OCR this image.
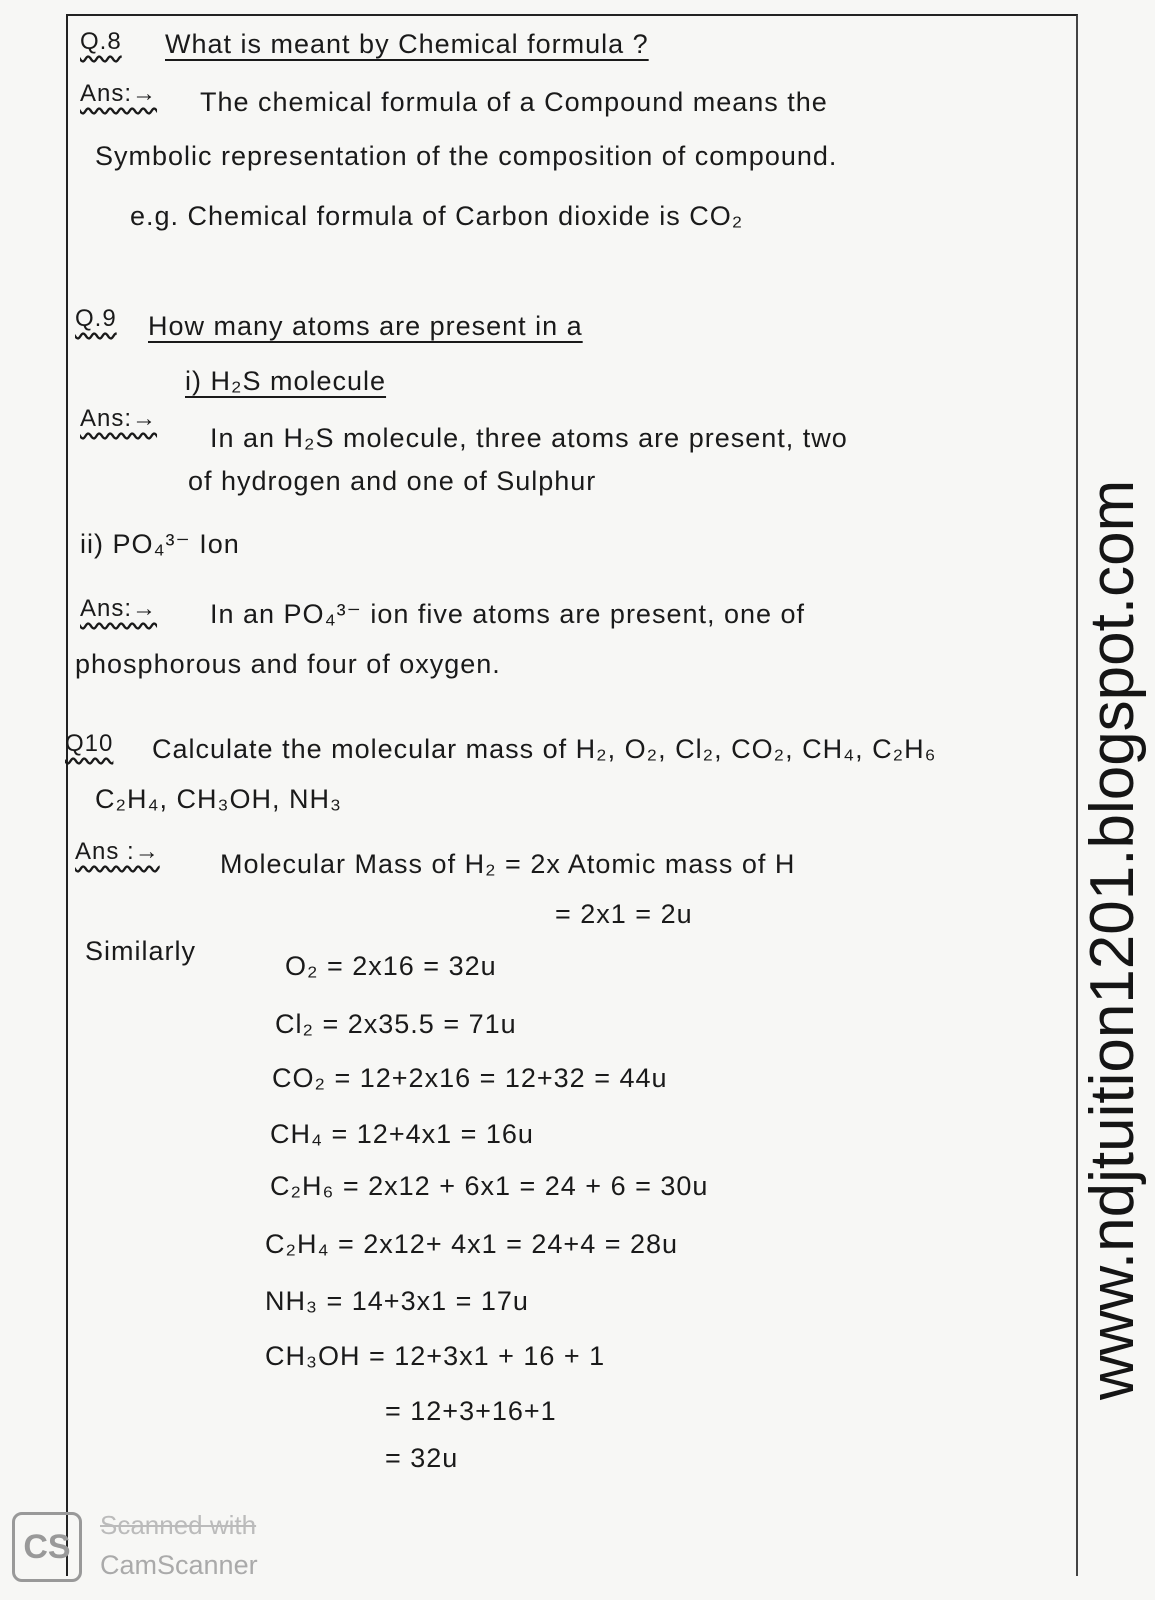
Q.8 What is meant by Chemical formula ?
Ans:→ The chemical formula of a Compound means the
Symbolic representation of the composition of compound.
e.g. Chemical formula of Carbon dioxide is CO₂
Q.9 How many atoms are present in a
i) H₂S molecule
Ans:→
In an H₂S molecule, three atoms are present, two
of hydrogen and one of Sulphur
ii) PO₄³⁻ Ion
Ans:→ In an PO₄³⁻ ion five atoms are present, one of
phosphorous and four of oxygen.
Q10 Calculate the molecular mass of H₂, O₂, Cl₂, CO₂, CH₄, C₂H₆
C₂H₄, CH₃OH, NH₃
Ans :→ Molecular Mass of H₂ = 2x Atomic mass of H
= 2x1 = 2u
Similarly	O₂ = 2x16 = 32u
Cl₂ = 2x35.5 = 71u
CO₂ = 12+2x16 = 12+32 = 44u
CH₄ = 12+4x1 = 16u
C₂H₆ = 2x12 + 6x1 = 24 + 6 = 30u
C₂H₄ = 2x12+ 4x1 = 24+4 = 28u
NH₃ = 14+3x1 = 17u
CH₃OH = 12+3x1 + 16 + 1
= 12+3+16+1
= 32u
www.ndjtuition1201.blogspot.com
CS
Scanned with
CamScanner
